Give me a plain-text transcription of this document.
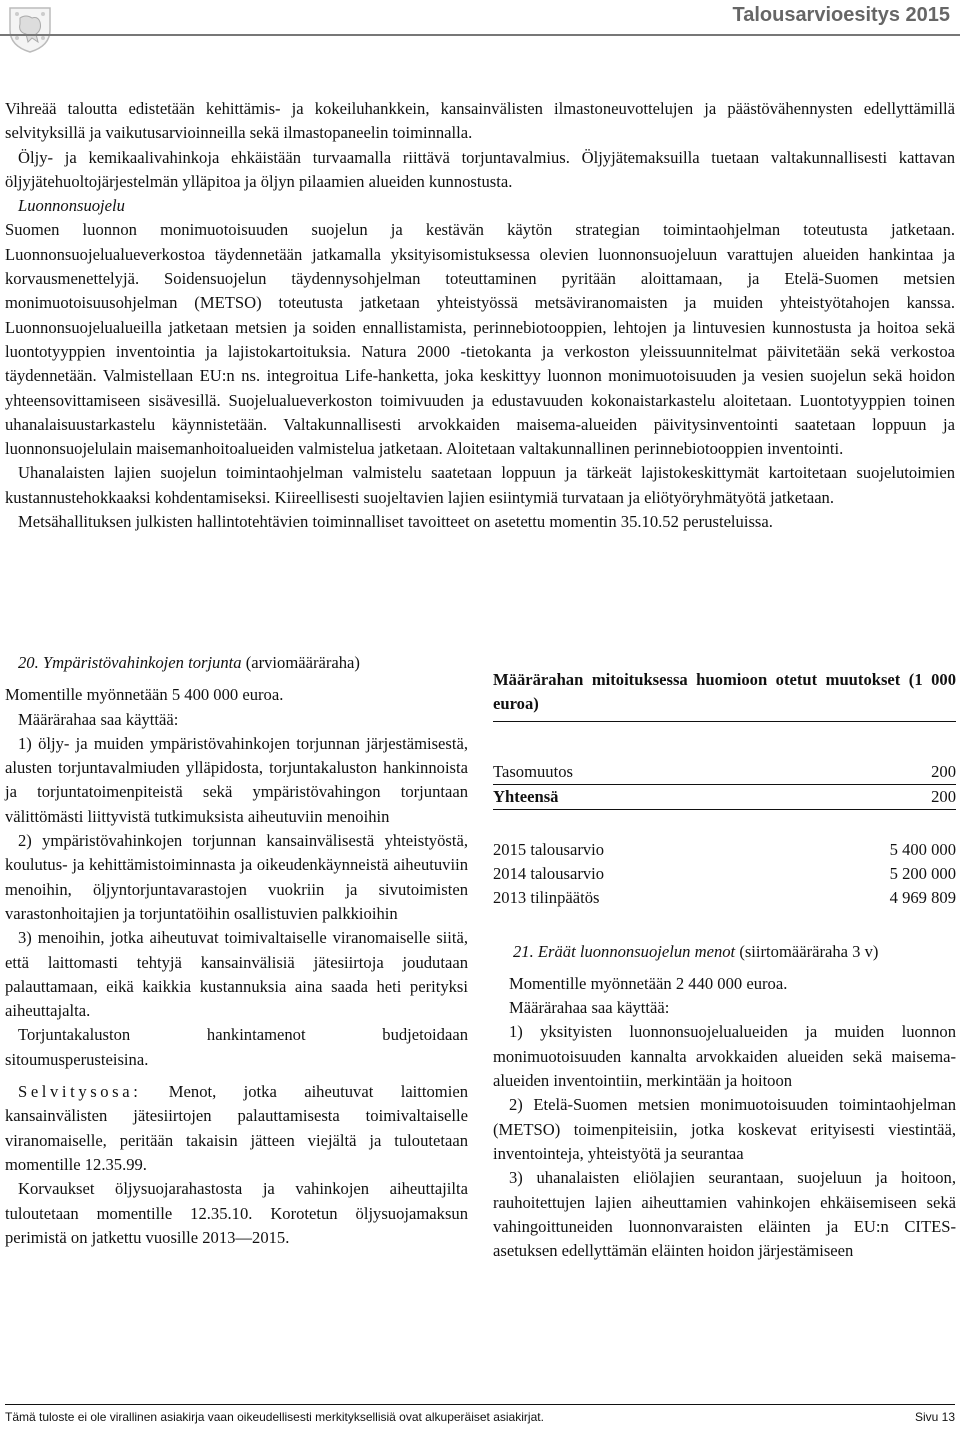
Talousarvioesitys 2015

Vihreää taloutta edistetään kehittämis- ja kokeiluhankkein, kansainvälisten ilmastoneuvottelujen ja päästövähennysten edellyttämillä selvityksillä ja vaikutusarvioinneilla sekä ilmastopaneelin toiminnalla.

Öljy- ja kemikaalivahinkoja ehkäistään turvaamalla riittävä torjuntavalmius. Öljyjätemaksuilla tuetaan valtakunnallisesti kattavan öljyjätehuoltojärjestelmän ylläpitoa ja öljyn pilaamien alueiden kunnostusta.

Luonnonsuojelu

Suomen luonnon monimuotoisuuden suojelun ja kestävän käytön strategian toimintaohjelman toteutusta jatketaan. Luonnonsuojelualueverkostoa täydennetään jatkamalla yksityisomistuksessa olevien luonnonsuojeluun varattujen alueiden hankintaa ja korvausmenettelyjä. Soidensuojelun täydennysohjelman toteuttaminen pyritään aloittamaan, ja Etelä-Suomen metsien monimuotoisuusohjelman (METSO) toteutusta jatketaan yhteistyössä metsäviranomaisten ja muiden yhteistyötahojen kanssa. Luonnonsuojelualueilla jatketaan metsien ja soiden ennallistamista, perinnebiotooppien, lehtojen ja lintuvesien kunnostusta ja hoitoa sekä luontotyyppien inventointia ja lajistokartoituksia. Natura 2000 -tietokanta ja verkoston yleissuunnitelmat päivitetään sekä verkostoa täydennetään. Valmistellaan EU:n ns. integroitua Life-hanketta, joka keskittyy luonnon monimuotoisuuden ja vesien suojelun sekä hoidon yhteensovittamiseen sisävesillä. Suojelualueverkoston toimivuuden ja edustavuuden kokonaistarkastelu aloitetaan. Luontotyyppien toinen uhanalaisuustarkastelu käynnistetään. Valtakunnallisesti arvokkaiden maisema-alueiden päivitysinventointi saatetaan loppuun ja luonnonsuojelulain maisemanhoitoalueiden valmistelua jatketaan. Aloitetaan valtakunnallinen perinnebiotooppien inventointi.

Uhanalaisten lajien suojelun toimintaohjelman valmistelu saatetaan loppuun ja tärkeät lajistokeskittymät kartoitetaan suojelutoimien kustannustehokkaaksi kohdentamiseksi. Kiireellisesti suojeltavien lajien esiintymiä turvataan ja eliötyöryhmätyötä jatketaan.

Metsähallituksen julkisten hallintotehtävien toiminnalliset tavoitteet on asetettu momentin 35.10.52 perusteluissa.

20. Ympäristövahinkojen torjunta (arviomääräraha)

Momentille myönnetään 5 400 000 euroa.

Määrärahaa saa käyttää:

1) öljy- ja muiden ympäristövahinkojen torjunnan järjestämisestä, alusten torjuntavalmiuden ylläpidosta, torjuntakaluston hankinnoista ja torjuntatoimenpiteistä sekä ympäristövahingon torjuntaan välittömästi liittyvistä tutkimuksista aiheutuviin menoihin

2) ympäristövahinkojen torjunnan kansainvälisestä yhteistyöstä, koulutus- ja kehittämistoiminnasta ja oikeudenkäynneistä aiheutuviin menoihin, öljyntorjuntavarastojen vuokriin ja sivutoimisten varastonhoitajien ja torjuntatöihin osallistuvien palkkioihin

3) menoihin, jotka aiheutuvat toimivaltaiselle viranomaiselle siitä, että laittomasti tehtyjä kansainvälisiä jätesiirtoja joudutaan palauttamaan, eikä kaikkia kustannuksia aina saada heti perityksi aiheuttajalta.

Torjuntakaluston hankintamenot budjetoidaan sitoumusperusteisina.

Selvitysosa: Menot, jotka aiheutuvat laittomien kansainvälisten jätesiirtojen palauttamisesta toimivaltaiselle viranomaiselle, peritään takaisin jätteen viejältä ja tuloutetaan momentille 12.35.99.

Korvaukset öljysuojarahastosta ja vahinkojen aiheuttajilta tuloutetaan momentille 12.35.10. Korotetun öljysuojamaksun perimistä on jatkettu vuosille 2013—2015.

Määrärahan mitoituksessa huomioon otetut muutokset (1 000 euroa)

Tasomuutos	200
Yhteensä	200
2015 talousarvio	5 400 000
2014 talousarvio	5 200 000
2013 tilinpäätös	4 969 809

21. Eräät luonnonsuojelun menot (siirtomääräraha 3 v)

Momentille myönnetään 2 440 000 euroa.

Määrärahaa saa käyttää:

1) yksityisten luonnonsuojelualueiden ja muiden luonnon monimuotoisuuden kannalta arvokkaiden alueiden sekä maisema-alueiden inventointiin, merkintään ja hoitoon

2) Etelä-Suomen metsien monimuotoisuuden toimintaohjelman (METSO) toimenpiteisiin, jotka koskevat erityisesti viestintää, inventointeja, yhteistyötä ja seurantaa

3) uhanalaisten eliölajien seurantaan, suojeluun ja hoitoon, rauhoitettujen lajien aiheuttamien vahinkojen ehkäisemiseen sekä vahingoittuneiden luonnonvaraisten eläinten ja EU:n CITES-asetuksen edellyttämän eläinten hoidon järjestämiseen

Tämä tuloste ei ole virallinen asiakirja vaan oikeudellisesti merkityksellisiä ovat alkuperäiset asiakirjat.	Sivu 13
